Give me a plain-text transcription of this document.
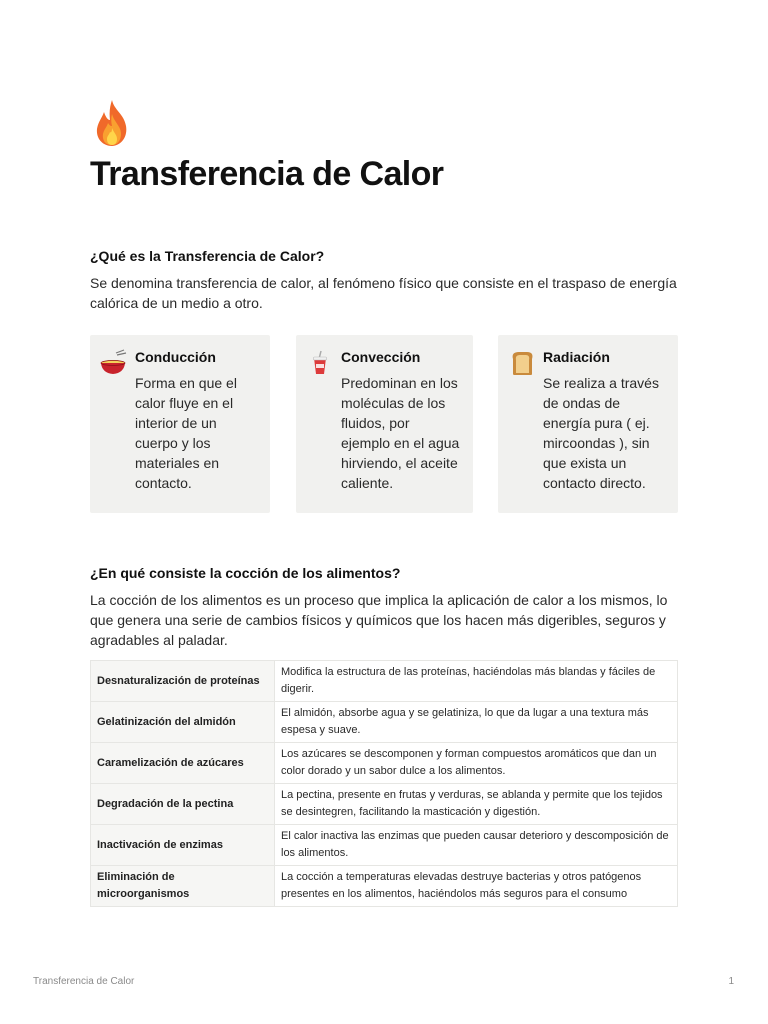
Transferencia de Calor
¿Qué es la Transferencia de Calor?
Se denomina transferencia de calor, al fenómeno físico que consiste en el traspaso de energía calórica de un medio a otro.
Conducción
Forma en que el
calor fluye en el
interior de un
cuerpo y los
materiales en
contacto.
Convección
Predominan en los
moléculas de los
fluidos, por
ejemplo en el agua
hirviendo, el aceite
caliente.
Radiación
Se realiza a través
de ondas de
energía pura ( ej.
mircoondas ), sin
que exista un
contacto directo.
¿En qué consiste la cocción de los alimentos?
La cocción de los alimentos es un proceso que implica la aplicación de calor a los mismos, lo que genera una serie de cambios físicos y químicos que los hacen más digeribles, seguros y agradables al paladar.
Desnaturalización de proteínas	Modifica la estructura de las proteínas, haciéndolas más blandas y fáciles de digerir.
Gelatinización del almidón	El almidón, absorbe agua y se gelatiniza, lo que da lugar a una textura más espesa y suave.
Caramelización de azúcares	Los azúcares se descomponen y forman compuestos aromáticos que dan un color dorado y un sabor dulce a los alimentos.
Degradación de la pectina	La pectina, presente en frutas y verduras, se ablanda y permite que los tejidos se desintegren, facilitando la masticación y digestión.
Inactivación de enzimas	El calor inactiva las enzimas que pueden causar deterioro y descomposición de los alimentos.
Eliminación de microorganismos	La cocción a temperaturas elevadas destruye bacterias y otros patógenos presentes en los alimentos, haciéndolos más seguros para el consumo
Transferencia de Calor	1
